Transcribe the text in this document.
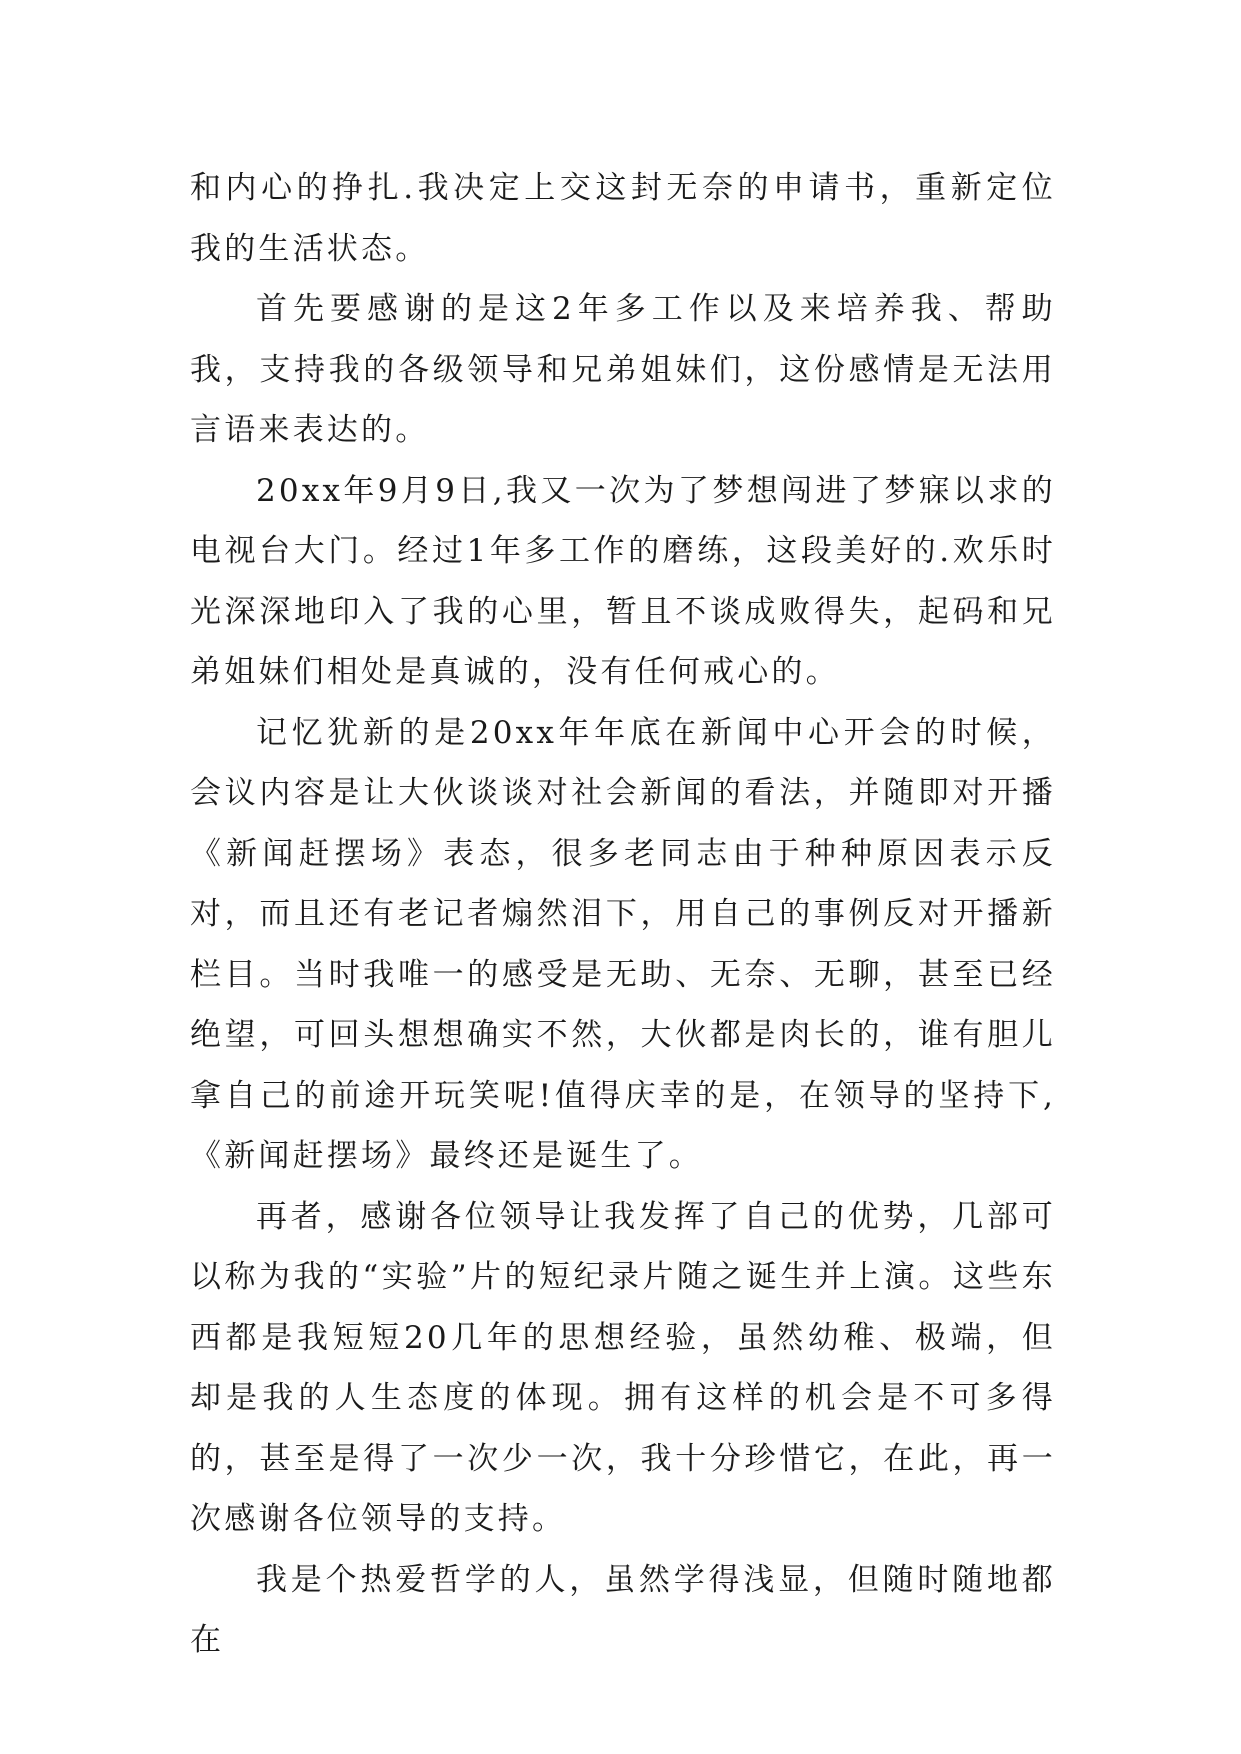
和内心的挣扎.我决定上交这封无奈的申请书，重新定位我的生活状态。

首先要感谢的是这2年多工作以及来培养我、帮助我，支持我的各级领导和兄弟姐妹们，这份感情是无法用言语来表达的。

20xx年9月9日,我又一次为了梦想闯进了梦寐以求的电视台大门。经过1年多工作的磨练，这段美好的.欢乐时光深深地印入了我的心里，暂且不谈成败得失，起码和兄弟姐妹们相处是真诚的，没有任何戒心的。

记忆犹新的是20xx年年底在新闻中心开会的时候，会议内容是让大伙谈谈对社会新闻的看法，并随即对开播《新闻赶摆场》表态，很多老同志由于种种原因表示反对，而且还有老记者煽然泪下，用自己的事例反对开播新栏目。当时我唯一的感受是无助、无奈、无聊，甚至已经绝望，可回头想想确实不然，大伙都是肉长的，谁有胆儿拿自己的前途开玩笑呢!值得庆幸的是，在领导的坚持下,《新闻赶摆场》最终还是诞生了。

再者，感谢各位领导让我发挥了自己的优势，几部可以称为我的“实验”片的短纪录片随之诞生并上演。这些东西都是我短短20几年的思想经验，虽然幼稚、极端，但却是我的人生态度的体现。拥有这样的机会是不可多得的，甚至是得了一次少一次，我十分珍惜它，在此，再一次感谢各位领导的支持。

我是个热爱哲学的人，虽然学得浅显，但随时随地都在
